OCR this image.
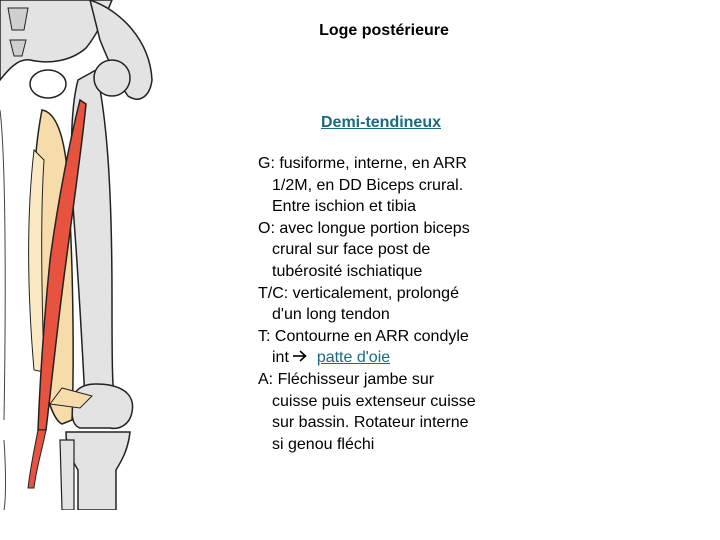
Loge postérieure
Demi-tendineux
G: fusiforme, interne, en ARR
1/2M, en DD Biceps crural.
Entre ischion et tibia
O: avec longue portion biceps
crural sur face post de
tubérosité ischiatique
T/C: verticalement, prolongé
d'un long tendon
T: Contourne en ARR condyle
int patte d'oie
A: Fléchisseur jambe sur
cuisse puis extenseur cuisse
sur bassin. Rotateur interne
si genou fléchi
